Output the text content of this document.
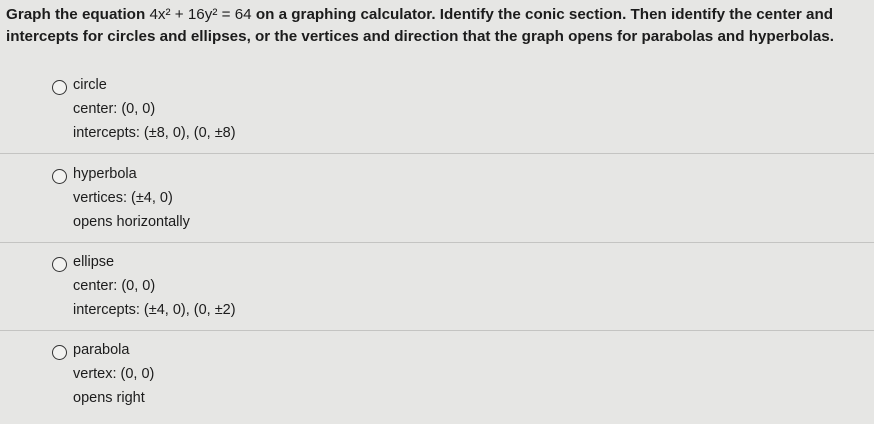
Graph the equation 4x² + 16y² = 64 on a graphing calculator. Identify the conic section. Then identify the center and intercepts for circles and ellipses, or the vertices and direction that the graph opens for parabolas and hyperbolas.
circle
center: (0, 0)
intercepts: (±8, 0), (0, ±8)
hyperbola
vertices: (±4, 0)
opens horizontally
ellipse
center: (0, 0)
intercepts: (±4, 0), (0, ±2)
parabola
vertex: (0, 0)
opens right
